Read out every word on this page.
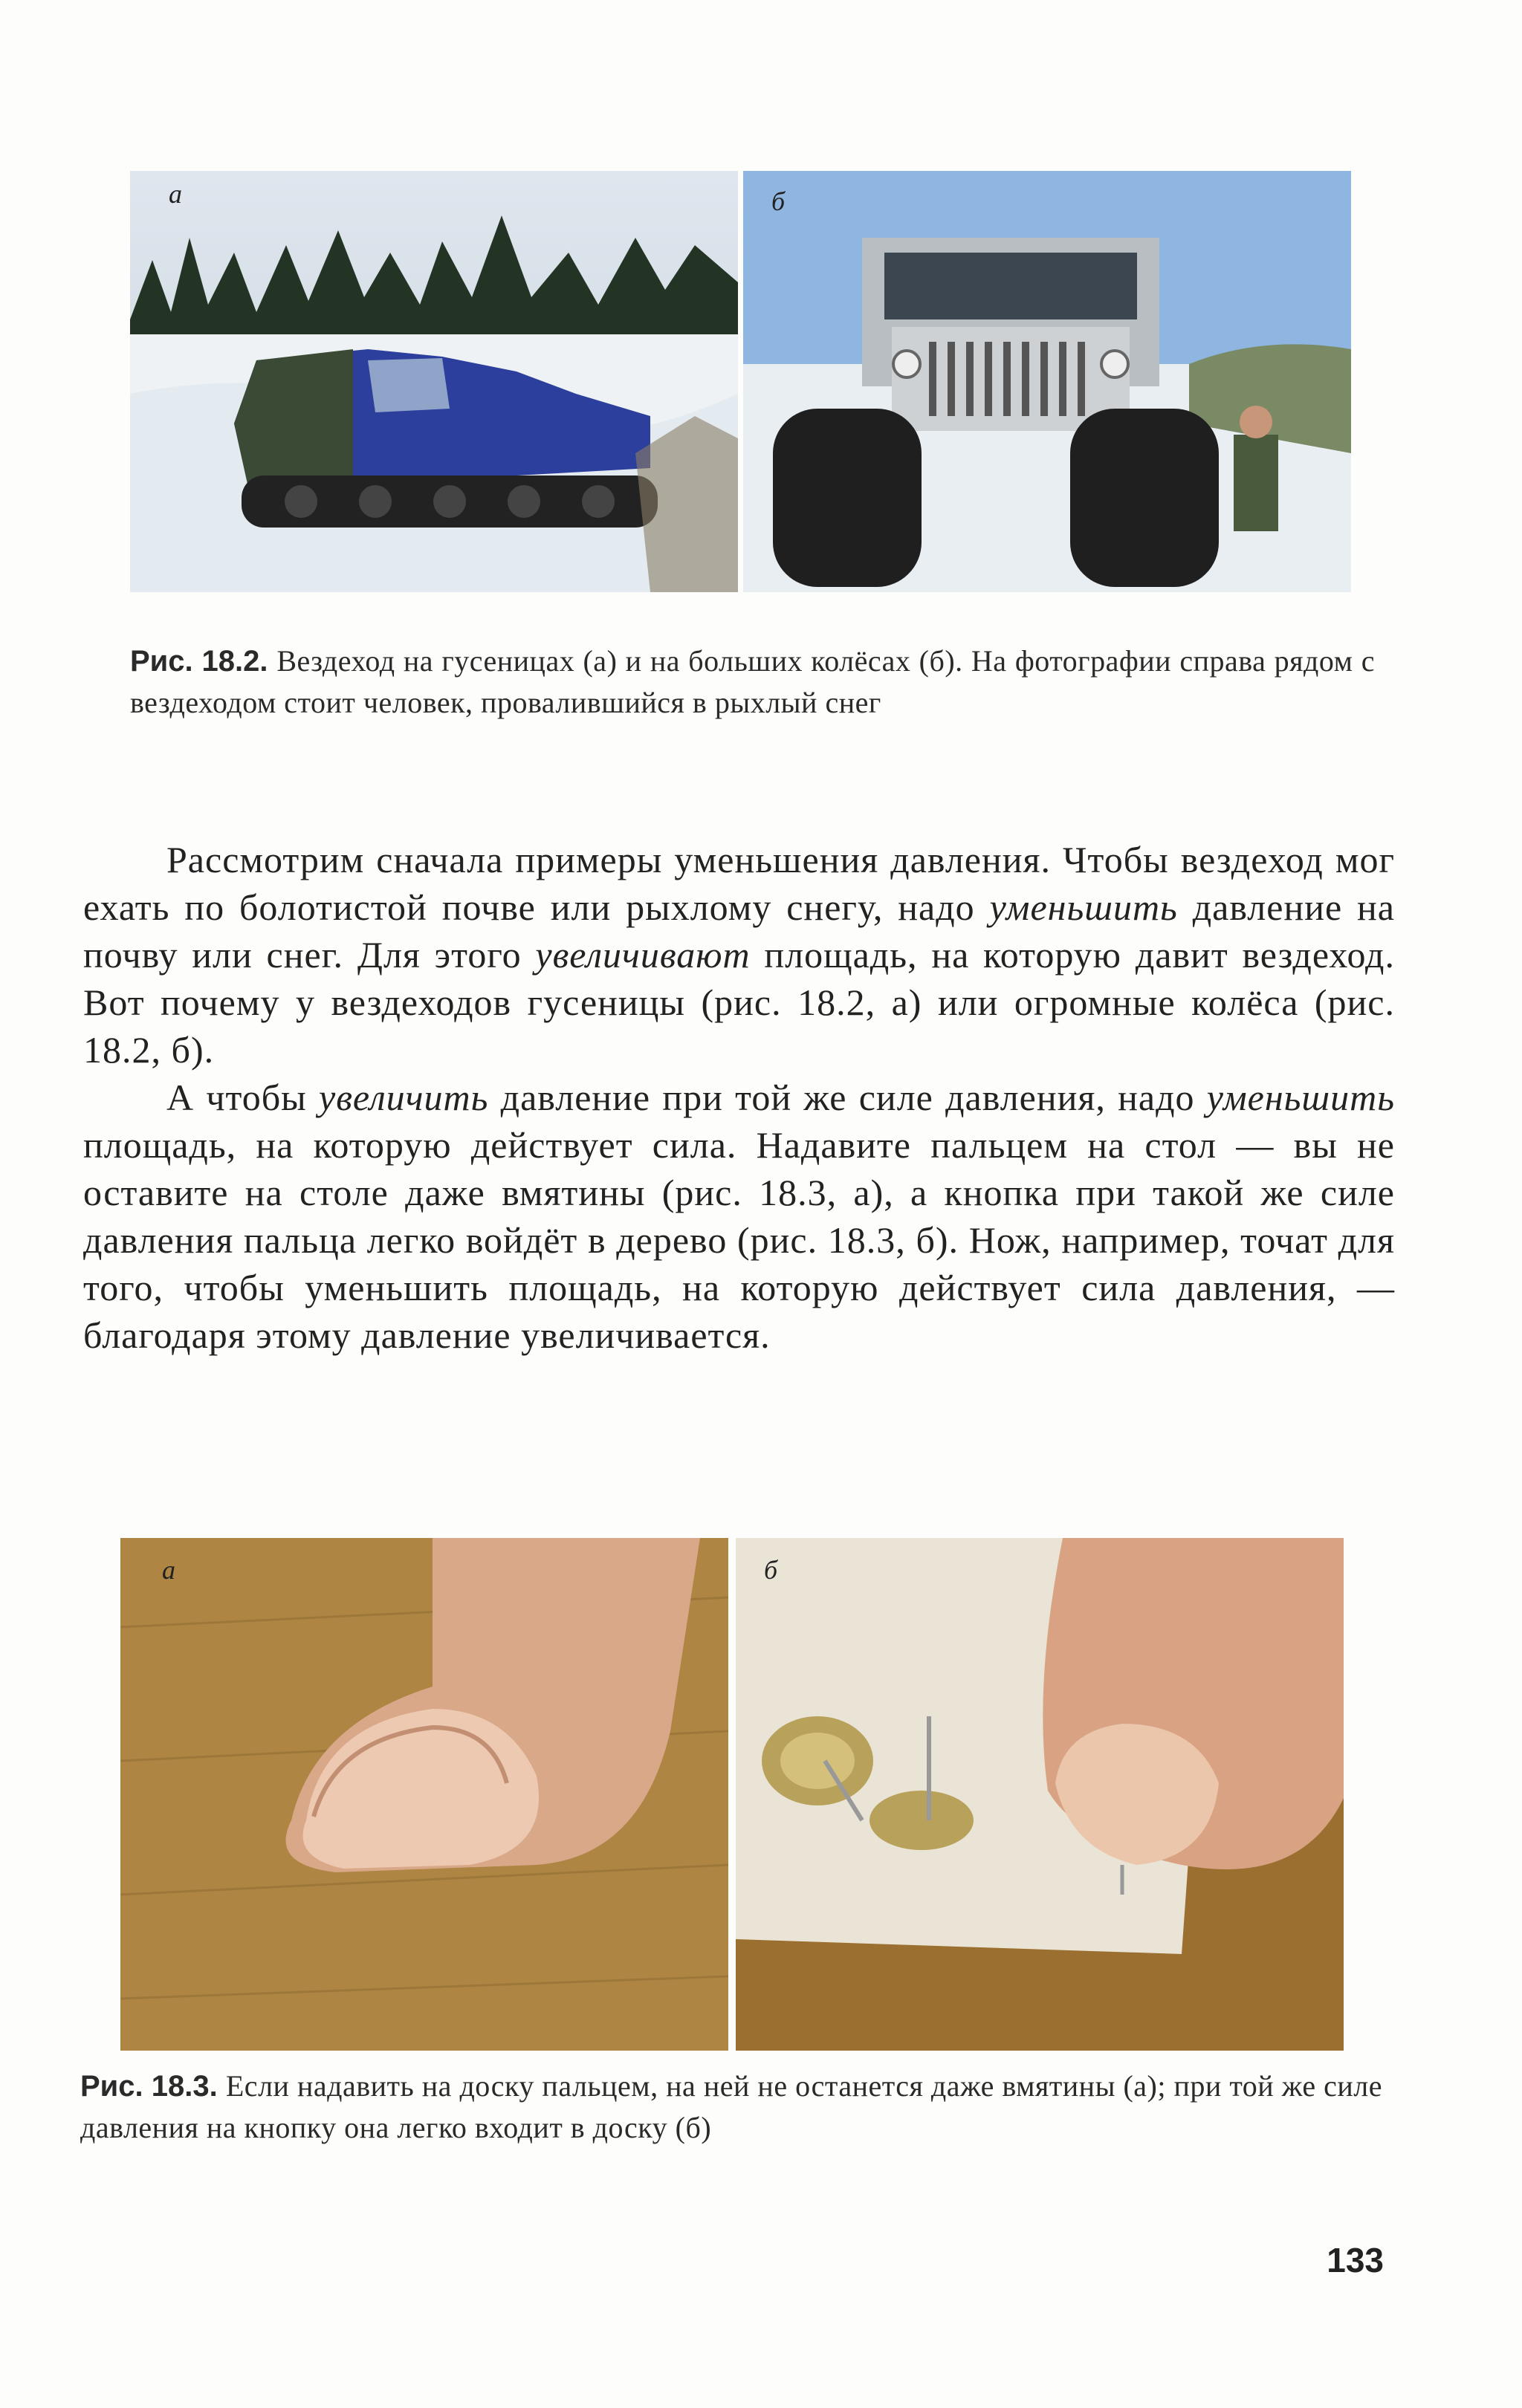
а	б
Рис. 18.2. Вездеход на гусеницах (а) и на больших колёсах (б). На фотографии справа рядом с вездеходом стоит человек, провалившийся в рыхлый снег

Рассмотрим сначала примеры уменьшения давления. Чтобы вездеход мог ехать по болотистой почве или рыхлому снегу, надо уменьшить давление на почву или снег. Для этого увеличивают площадь, на которую давит вездеход. Вот почему у вездеходов гусеницы (рис. 18.2, а) или огромные колёса (рис. 18.2, б).

А чтобы увеличить давление при той же силе давления, надо уменьшить площадь, на которую действует сила. Надавите пальцем на стол — вы не оставите на столе даже вмятины (рис. 18.3, а), а кнопка при такой же силе давления пальца легко войдёт в дерево (рис. 18.3, б). Нож, например, точат для того, чтобы уменьшить площадь, на которую действует сила давления, — благодаря этому давление увеличивается.

а	б
Рис. 18.3. Если надавить на доску пальцем, на ней не останется даже вмятины (а); при той же силе давления на кнопку она легко входит в доску (б)
133
